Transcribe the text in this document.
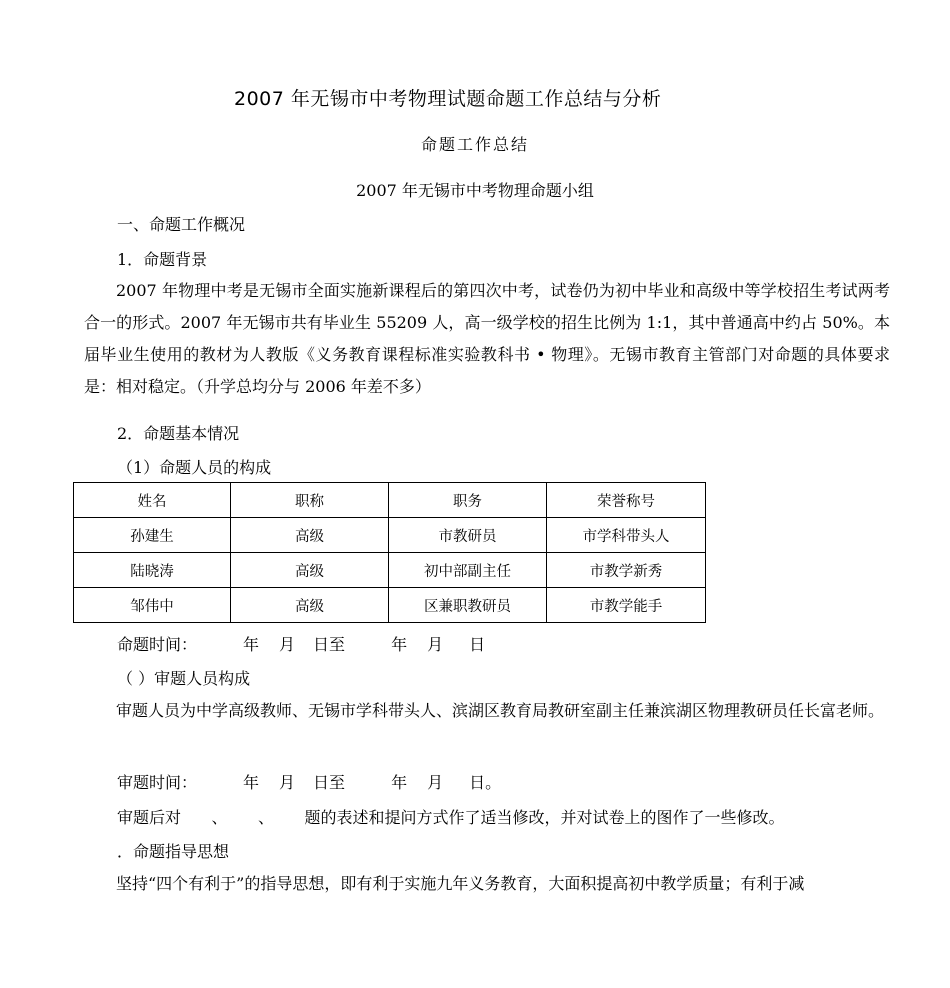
2007 年无锡市中考物理试题命题工作总结与分析
命题工作总结
2007 年无锡市中考物理命题小组
一、命题工作概况
1．命题背景
2007 年物理中考是无锡市全面实施新课程后的第四次中考，试卷仍为初中毕业和高级中等学校招生考试两考合一的形式。2007 年无锡市共有毕业生 55209 人，高一级学校的招生比例为 1:1，其中普通高中约占 50%。本届毕业生使用的教材为人教版《义务教育课程标准实验教科书 • 物理》。无锡市教育主管部门对命题的具体要求是：相对稳定。（升学总均分与 2006 年差不多）
2．命题基本情况
（1）命题人员的构成
姓名	职称	职务	荣誉称号
孙建生	高级	市教研员	市学科带头人
陆晓涛	高级	初中部副主任	市教学新秀
邹伟中	高级	区兼职教研员	市教学能手
命题时间：	年 月 日至	年 月 日
（ ）审题人员构成
审题人员为中学高级教师、无锡市学科带头人、滨湖区教育局教研室副主任兼滨湖区物理教研员任长富老师。
审题时间：	年 月 日至	年 月 日。
审题后对      、      、      题的表述和提问方式作了适当修改，并对试卷上的图作了一些修改。
．命题指导思想
坚持“四个有利于”的指导思想，即有利于实施九年义务教育，大面积提高初中教学质量；有利于减
